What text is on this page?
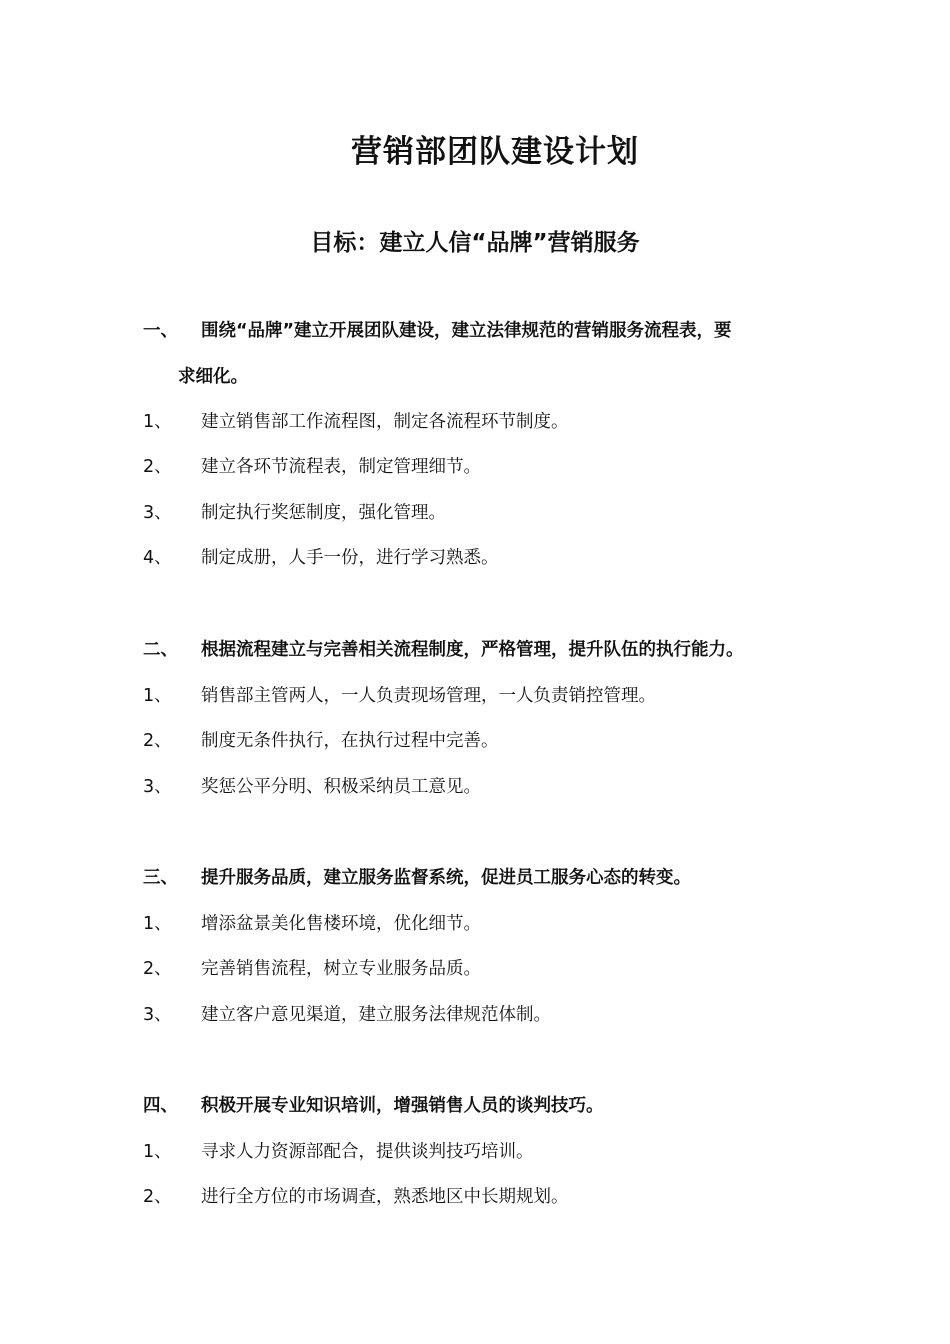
营销部团队建设计划
目标：建立人信“品牌”营销服务
一、 围绕“品牌”建立开展团队建设，建立法律规范的营销服务流程表，要
求细化。
1、 建立销售部工作流程图，制定各流程环节制度。
2、 建立各环节流程表，制定管理细节。
3、 制定执行奖惩制度，强化管理。
4、 制定成册，人手一份，进行学习熟悉。
二、 根据流程建立与完善相关流程制度，严格管理，提升队伍的执行能力。
1、 销售部主管两人，一人负责现场管理，一人负责销控管理。
2、 制度无条件执行，在执行过程中完善。
3、 奖惩公平分明、积极采纳员工意见。
三、 提升服务品质，建立服务监督系统，促进员工服务心态的转变。
1、 增添盆景美化售楼环境，优化细节。
2、 完善销售流程，树立专业服务品质。
3、 建立客户意见渠道，建立服务法律规范体制。
四、 积极开展专业知识培训，增强销售人员的谈判技巧。
1、 寻求人力资源部配合，提供谈判技巧培训。
2、 进行全方位的市场调查，熟悉地区中长期规划。
